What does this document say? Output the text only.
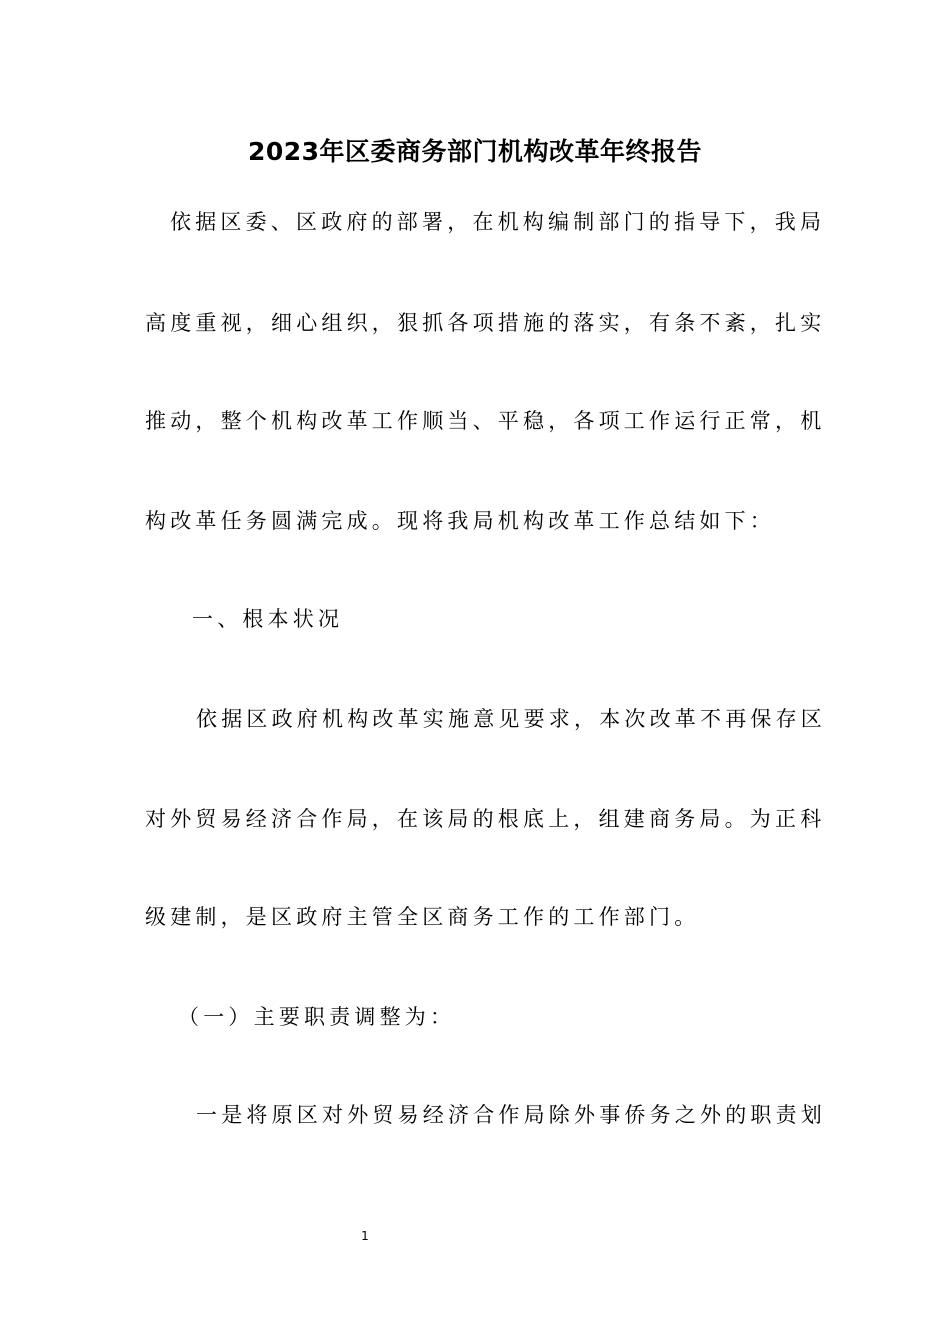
2023年区委商务部门机构改革年终报告
依据区委、区政府的部署，在机构编制部门的指导下，我局
高度重视，细心组织，狠抓各项措施的落实，有条不紊，扎实
推动，整个机构改革工作顺当、平稳，各项工作运行正常，机
构改革任务圆满完成。现将我局机构改革工作总结如下：
一、根本状况
依据区政府机构改革实施意见要求，本次改革不再保存区
对外贸易经济合作局，在该局的根底上，组建商务局。为正科
级建制，是区政府主管全区商务工作的工作部门。
（一）主要职责调整为：
一是将原区对外贸易经济合作局除外事侨务之外的职责划
1
